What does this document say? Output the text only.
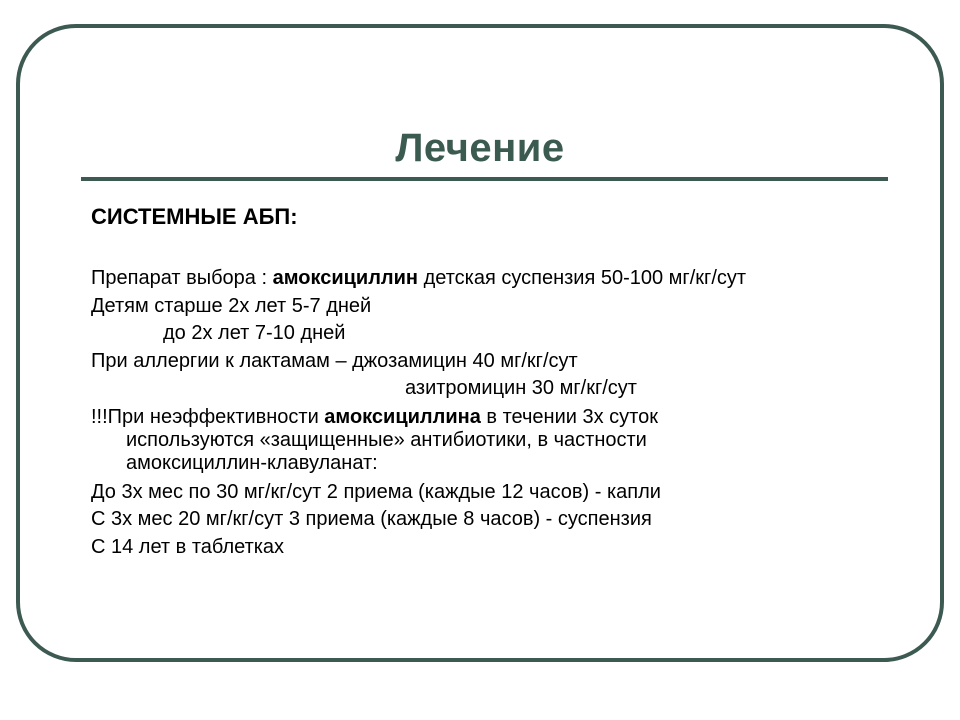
Лечение
СИСТЕМНЫЕ АБП:
Препарат выбора : амоксициллин детская суспензия 50-100 мг/кг/сут
Детям старше 2х лет 5-7 дней
до 2х лет 7-10 дней
При аллергии к лактамам – джозамицин 40 мг/кг/сут
азитромицин 30 мг/кг/сут
!!!При неэффективности амоксициллина в течении 3х суток
используются «защищенные» антибиотики, в частности
амоксициллин-клавуланат:
До 3х мес по 30 мг/кг/сут 2 приема (каждые 12 часов) - капли
С 3х мес 20 мг/кг/сут 3 приема (каждые 8 часов) - суспензия
С 14 лет в таблетках
